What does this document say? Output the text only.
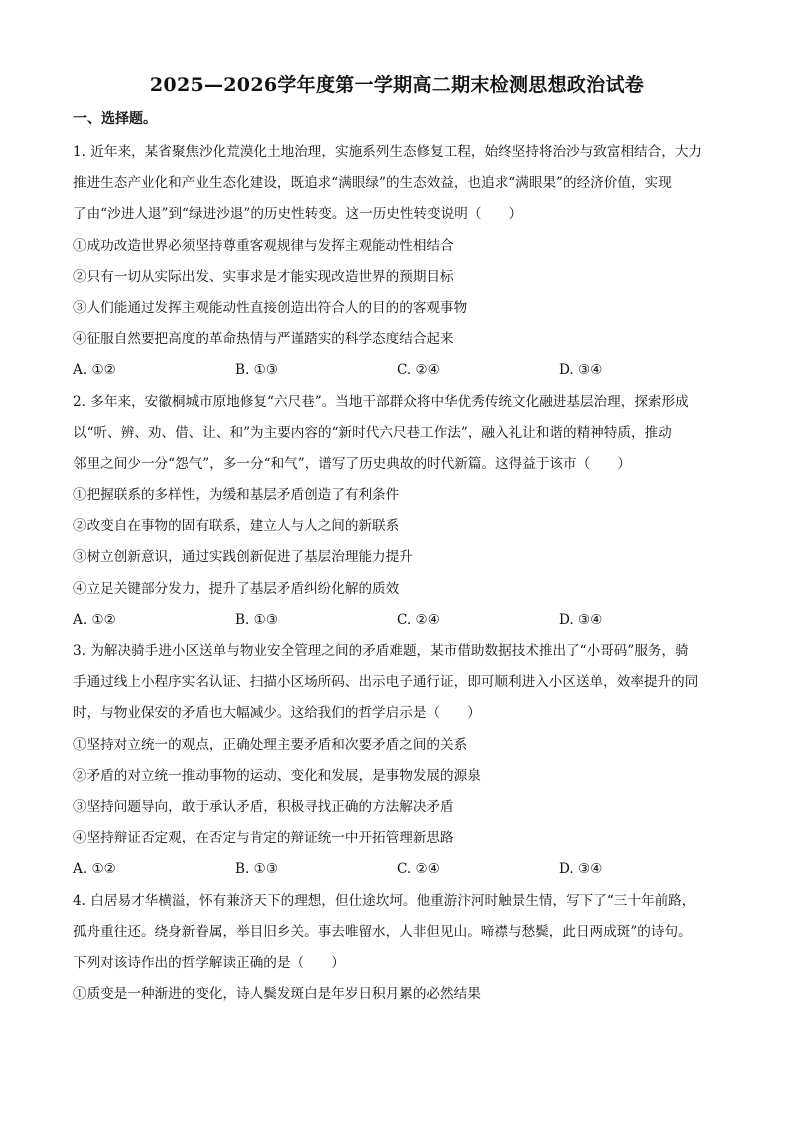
2025—2026学年度第一学期高二期末检测思想政治试卷
一、选择题。
1. 近年来，某省聚焦沙化荒漠化土地治理，实施系列生态修复工程，始终坚持将治沙与致富相结合，大力
推进生态产业化和产业生态化建设，既追求“满眼绿”的生态效益，也追求“满眼果”的经济价值，实现
了由“沙进人退”到“绿进沙退”的历史性转变。这一历史性转变说明（　　）
①成功改造世界必须坚持尊重客观规律与发挥主观能动性相结合
②只有一切从实际出发、实事求是才能实现改造世界的预期目标
③人们能通过发挥主观能动性直接创造出符合人的目的的客观事物
④征服自然要把高度的革命热情与严谨踏实的科学态度结合起来
A. ①②	B. ①③	C. ②④	D. ③④
2. 多年来，安徽桐城市原地修复“六尺巷”。当地干部群众将中华优秀传统文化融进基层治理，探索形成
以“听、辨、劝、借、让、和”为主要内容的“新时代六尺巷工作法”，融入礼让和谐的精神特质，推动
邻里之间少一分“怨气”，多一分“和气”，谱写了历史典故的时代新篇。这得益于该市（　　）
①把握联系的多样性，为缓和基层矛盾创造了有利条件
②改变自在事物的固有联系，建立人与人之间的新联系
③树立创新意识，通过实践创新促进了基层治理能力提升
④立足关键部分发力，提升了基层矛盾纠纷化解的质效
A. ①②	B. ①③	C. ②④	D. ③④
3. 为解决骑手进小区送单与物业安全管理之间的矛盾难题，某市借助数据技术推出了“小哥码”服务，骑
手通过线上小程序实名认证、扫描小区场所码、出示电子通行证，即可顺利进入小区送单，效率提升的同
时，与物业保安的矛盾也大幅减少。这给我们的哲学启示是（　　）
①坚持对立统一的观点，正确处理主要矛盾和次要矛盾之间的关系
②矛盾的对立统一推动事物的运动、变化和发展，是事物发展的源泉
③坚持问题导向，敢于承认矛盾，积极寻找正确的方法解决矛盾
④坚持辩证否定观，在否定与肯定的辩证统一中开拓管理新思路
A. ①②	B. ①③	C. ②④	D. ③④
4. 白居易才华横溢，怀有兼济天下的理想，但仕途坎坷。他重游汴河时触景生情，写下了“三十年前路，
孤舟重往还。绕身新眷属，举目旧乡关。事去唯留水，人非但见山。啼襟与愁鬓，此日两成斑”的诗句。
下列对该诗作出的哲学解读正确的是（　　）
①质变是一种渐进的变化，诗人鬓发斑白是年岁日积月累的必然结果
